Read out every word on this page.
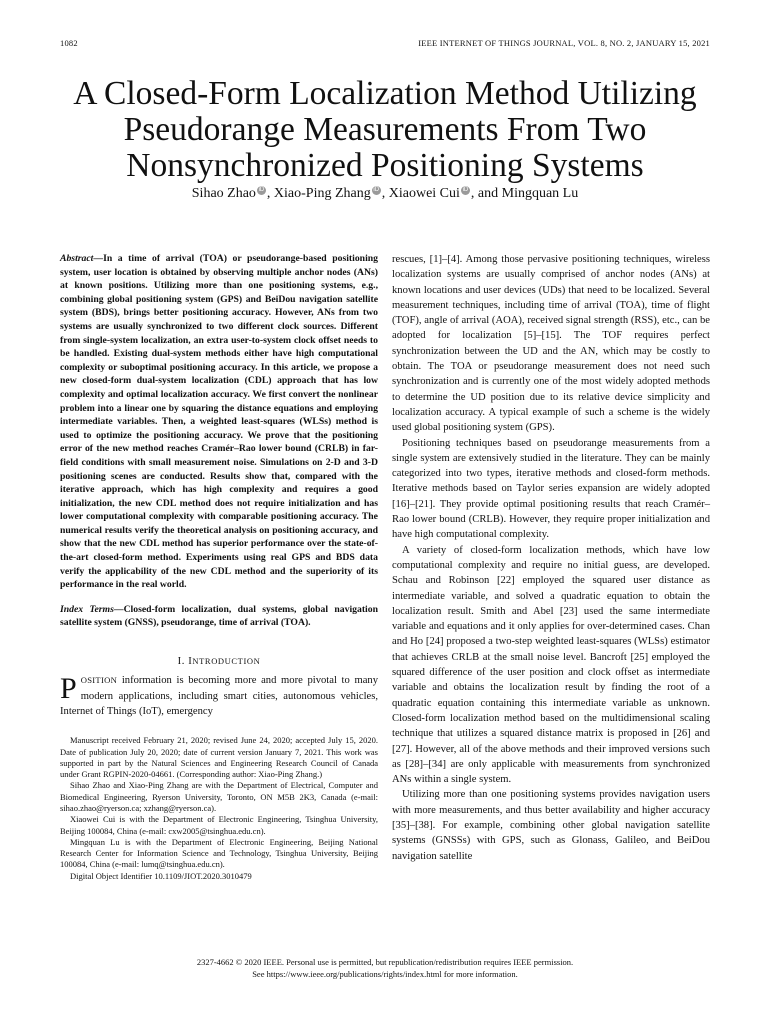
1082	IEEE INTERNET OF THINGS JOURNAL, VOL. 8, NO. 2, JANUARY 15, 2021
A Closed-Form Localization Method Utilizing
Pseudorange Measurements From Two
Nonsynchronized Positioning Systems
Sihao Zhao iD , Xiao-Ping Zhang iD , Xiaowei Cui iD , and Mingquan Lu

Abstract—In a time of arrival (TOA) or pseudorange-based positioning system, user location is obtained by observing multiple anchor nodes (ANs) at known positions. Utilizing more than one positioning systems, e.g., combining global positioning system (GPS) and BeiDou navigation satellite system (BDS), brings better positioning accuracy. However, ANs from two systems are usually synchronized to two different clock sources. Different from single-system localization, an extra user-to-system clock offset needs to be handled. Existing dual-system methods either have high computational complexity or suboptimal positioning accuracy. In this article, we propose a new closed-form dual-system localization (CDL) approach that has low complexity and optimal localization accuracy. We first convert the nonlinear problem into a linear one by squaring the distance equations and employing intermediate variables. Then, a weighted least-squares (WLSs) method is used to optimize the positioning accuracy. We prove that the positioning error of the new method reaches Cramér–Rao lower bound (CRLB) in far-field conditions with small measurement noise. Simulations on 2-D and 3-D positioning scenes are conducted. Results show that, compared with the iterative approach, which has high complexity and requires a good initialization, the new CDL method does not require initialization and has lower computational complexity with comparable positioning accuracy. The numerical results verify the theoretical analysis on positioning accuracy, and show that the new CDL method has superior performance over the state-of-the-art closed-form method. Experiments using real GPS and BDS data verify the applicability of the new CDL method and the superiority of its performance in the real world.

Index Terms—Closed-form localization, dual systems, global navigation satellite system (GNSS), pseudorange, time of arrival (TOA).

I. INTRODUCTION

POSITION information is becoming more and more pivotal to many modern applications, including smart cities, autonomous vehicles, Internet of Things (IoT), emergency

Manuscript received February 21, 2020; revised June 24, 2020; accepted July 15, 2020. Date of publication July 20, 2020; date of current version January 7, 2021. This work was supported in part by the Natural Sciences and Engineering Research Council of Canada under Grant RGPIN-2020-04661. (Corresponding author: Xiao-Ping Zhang.)

Sihao Zhao and Xiao-Ping Zhang are with the Department of Electrical, Computer and Biomedical Engineering, Ryerson University, Toronto, ON M5B 2K3, Canada (e-mail: sihao.zhao@ryerson.ca; xzhang@ryerson.ca).

Xiaowei Cui is with the Department of Electronic Engineering, Tsinghua University, Beijing 100084, China (e-mail: cxw2005@tsinghua.edu.cn).

Mingquan Lu is with the Department of Electronic Engineering, Beijing National Research Center for Information Science and Technology, Tsinghua University, Beijing 100084, China (e-mail: lumq@tsinghua.edu.cn).

Digital Object Identifier 10.1109/JIOT.2020.3010479

rescues, [1]–[4]. Among those pervasive positioning techniques, wireless localization systems are usually comprised of anchor nodes (ANs) at known locations and user devices (UDs) that need to be localized. Several measurement techniques, including time of arrival (TOA), time of flight (TOF), angle of arrival (AOA), received signal strength (RSS), etc., can be adopted for localization [5]–[15]. The TOF requires perfect synchronization between the UD and the AN, which may be costly to obtain. The TOA or pseudorange measurement does not need such synchronization and is currently one of the most widely adopted methods to determine the UD position due to its relative device simplicity and localization accuracy. A typical example of such a scheme is the widely used global positioning system (GPS).

Positioning techniques based on pseudorange measurements from a single system are extensively studied in the literature. They can be mainly categorized into two types, iterative methods and closed-form methods. Iterative methods based on Taylor series expansion are widely adopted [16]–[21]. They provide optimal positioning results that reach Cramér–Rao lower bound (CRLB). However, they require proper initialization and have high computational complexity.

A variety of closed-form localization methods, which have low computational complexity and require no initial guess, are developed. Schau and Robinson [22] employed the squared user distance as intermediate variable, and solved a quadratic equation to obtain the localization result. Smith and Abel [23] used the same intermediate variable and equations and it only applies for over-determined cases. Chan and Ho [24] proposed a two-step weighted least-squares (WLSs) estimator that achieves CRLB at the small noise level. Bancroft [25] employed the squared difference of the user position and clock offset as intermediate variable and obtains the localization result by finding the root of a quadratic equation containing this intermediate variable as unknown. Closed-form localization method based on the multidimensional scaling technique that utilizes a squared distance matrix is proposed in [26] and [27]. However, all of the above methods and their improved versions such as [28]–[34] are only applicable with measurements from synchronized ANs within a single system.

Utilizing more than one positioning systems provides navigation users with more measurements, and thus better availability and higher accuracy [35]–[38]. For example, combining other global navigation satellite systems (GNSSs) with GPS, such as Glonass, Galileo, and BeiDou navigation satellite

2327-4662 © 2020 IEEE. Personal use is permitted, but republication/redistribution requires IEEE permission.
See https://www.ieee.org/publications/rights/index.html for more information.
